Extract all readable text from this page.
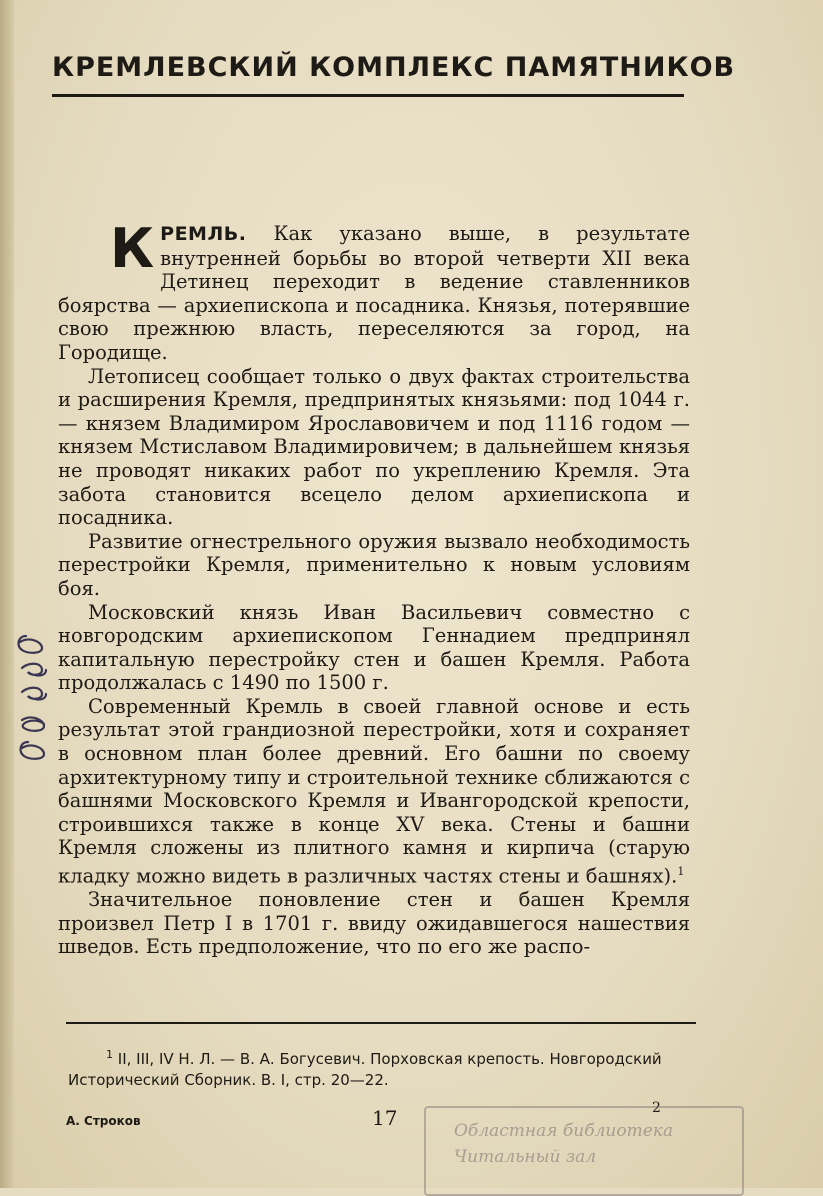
КРЕМЛЕВСКИЙ КОМПЛЕКС ПАМЯТНИКОВ

КРЕМЛЬ. Как указано выше, в результате внутренней борьбы во второй четверти XII века Детинец переходит в ведение ставленников боярства — архиепископа и посадника. Князья, потерявшие свою прежнюю власть, переселяются за город, на Городище.

Летописец сообщает только о двух фактах строительства и расширения Кремля, предпринятых князьями: под 1044 г. — князем Владимиром Ярославовичем и под 1116 годом — князем Мстиславом Владимировичем; в дальнейшем князья не проводят никаких работ по укреплению Кремля. Эта забота становится всецело делом архиепископа и посадника.

Развитие огнестрельного оружия вызвало необходимость перестройки Кремля, применительно к новым условиям боя.

Московский князь Иван Васильевич совместно с новгородским архиепископом Геннадием предпринял капитальную перестройку стен и башен Кремля. Работа продолжалась с 1490 по 1500 г.

Современный Кремль в своей главной основе и есть результат этой грандиозной перестройки, хотя и сохраняет в основном план более древний. Его башни по своему архитектурному типу и строительной технике сближаются с башнями Московского Кремля и Ивангородской крепости, строившихся также в конце XV века. Стены и башни Кремля сложены из плитного камня и кирпича (старую кладку можно видеть в различных частях стены и башнях).$^1$

Значительное поновление стен и башен Кремля произвел Петр I в 1701 г. ввиду ожидавшегося нашествия шведов. Есть предположение, что по его же распо-

$^1$ II, III, IV Н. Л. — В. А. Богусевич. Порховская крепость. Новгородский Исторический Сборник. В. I, стр. 20—22.
А. Строков	17
Областная библиотека
Читальный зал
2
